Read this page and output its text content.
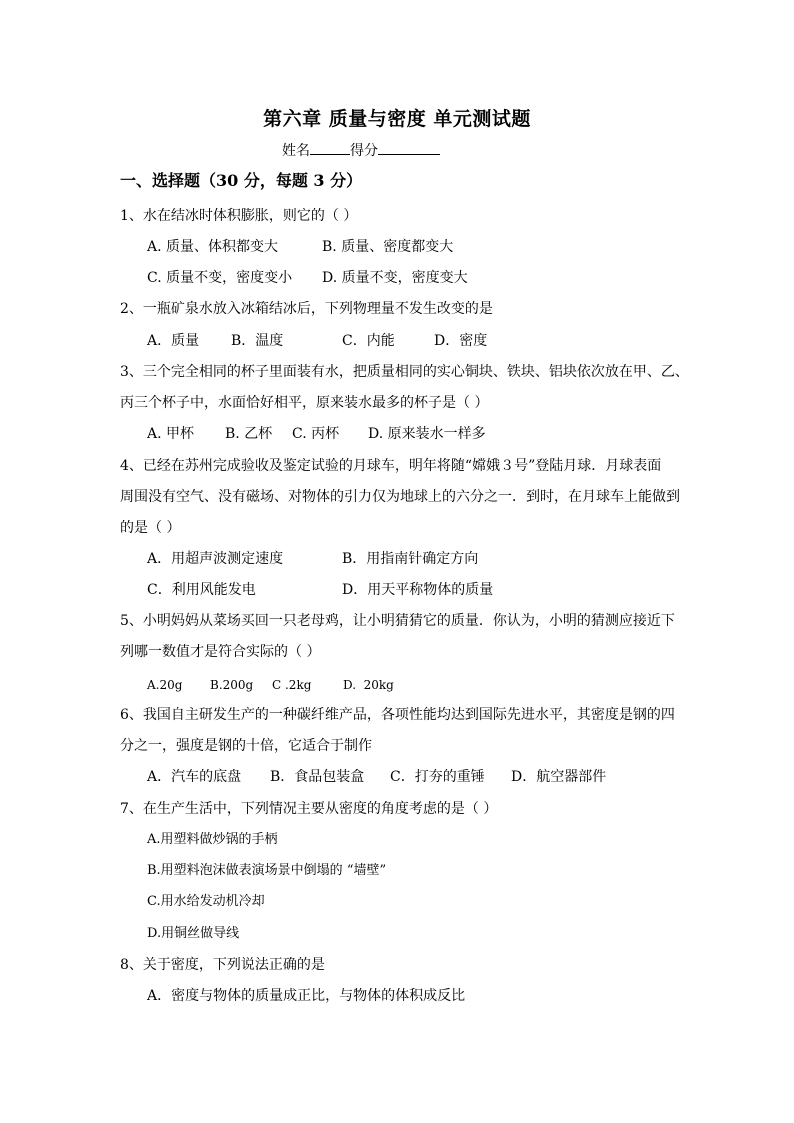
第六章 质量与密度 单元测试题
姓名	得分
一、选择题（30 分，每题 3 分）
1、水在结冰时体积膨胀，则它的（ ）
A. 质量、体积都变大	B. 质量、密度都变大
C. 质量不变，密度变小 D. 质量不变，密度变大
2、一瓶矿泉水放入冰箱结冰后，下列物理量不发生改变的是
A．质量 B．温度	C．内能	D．密度
3、三个完全相同的杯子里面装有水，把质量相同的实心铜块、铁块、铝块依次放在甲、乙、
丙三个杯子中，水面恰好相平，原来装水最多的杯子是（ ）
A. 甲杯 B. 乙杯 C. 丙杯 D. 原来装水一样多
4、已经在苏州完成验收及鉴定试验的月球车，明年将随“嫦娥３号”登陆月球．月球表面
周围没有空气、没有磁场、对物体的引力仅为地球上的六分之一．到时，在月球车上能做到
的是（ ）
A．用超声波测定速度	B．用指南针确定方向
C．利用风能发电	D．用天平称物体的质量
5、小明妈妈从菜场买回一只老母鸡，让小明猜猜它的质量．你认为，小明的猜测应接近下
列哪一数值才是符合实际的（ ）
A.20g B.200g C .2kg	D.  20kg
6、我国自主研发生产的一种碳纤维产品，各项性能均达到国际先进水平，其密度是钢的四
分之一，强度是钢的十倍，它适合于制作
A．汽车的底盘 B．食品包装盒 C．打夯的重锤 D．航空器部件
7、在生产生活中，下列情况主要从密度的角度考虑的是（ ）
A.用塑料做炒锅的手柄
B.用塑料泡沫做表演场景中倒塌的 “墙壁”
C.用水给发动机冷却
D.用铜丝做导线
8、关于密度，下列说法正确的是
A．密度与物体的质量成正比，与物体的体积成反比
